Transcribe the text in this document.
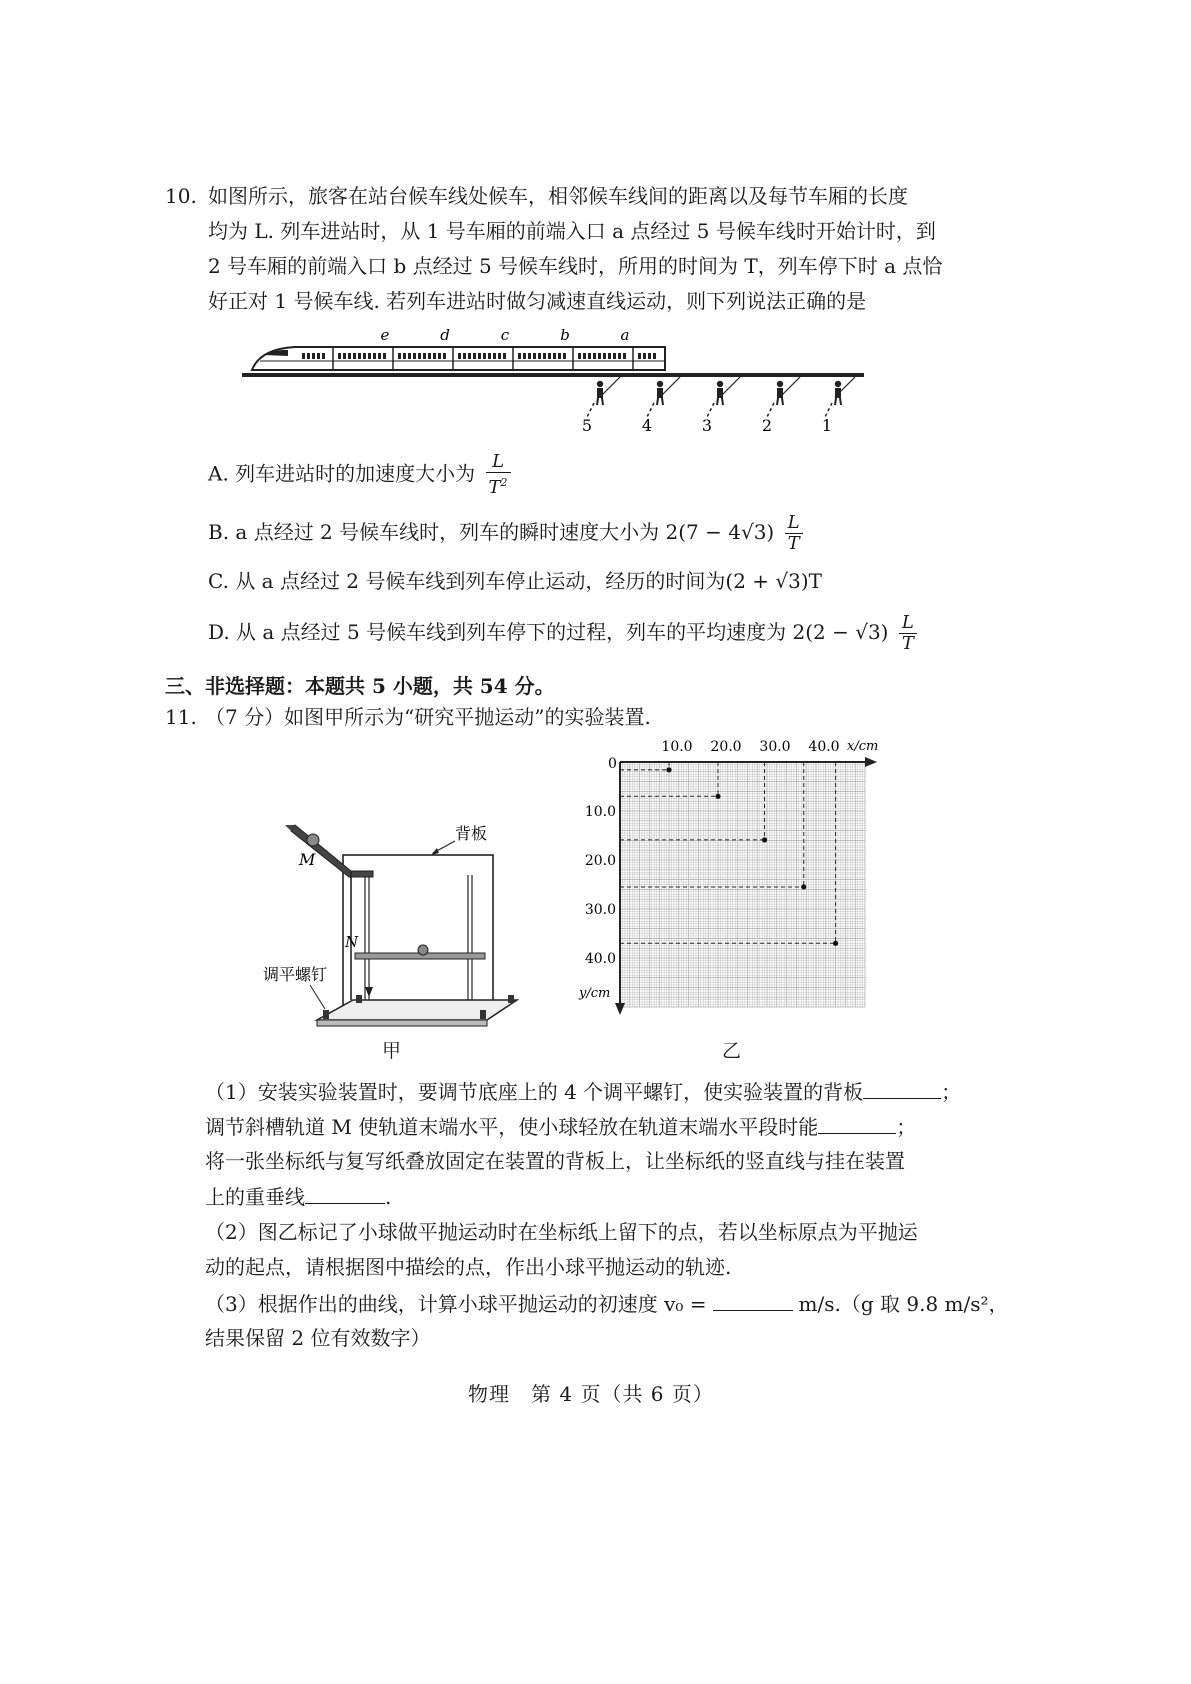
10. 如图所示，旅客在站台候车线处候车，相邻候车线间的距离以及每节车厢的长度
均为 L. 列车进站时，从 1 号车厢的前端入口 a 点经过 5 号候车线时开始计时，到
2 号车厢的前端入口 b 点经过 5 号候车线时，所用的时间为 T，列车停下时 a 点恰
好正对 1 号候车线. 若列车进站时做匀减速直线运动，则下列说法正确的是
e	d	c	b	a
5	4	3	2	1
A. 列车进站时的加速度大小为 $\frac{L}{T^2}$
B. a 点经过 2 号候车线时，列车的瞬时速度大小为 $2(7 - 4√3) \frac{L}{T}$
C. 从 a 点经过 2 号候车线到列车停止运动，经历的时间为(2 + √3)T
D. 从 a 点经过 5 号候车线到列车停下的过程，列车的平均速度为 $2(2 - √3) \frac{L}{T}$
三、非选择题：本题共 5 小题，共 54 分。
11. （7 分）如图甲所示为“研究平抛运动”的实验装置.
背板
M
N
调平螺钉
甲
0
x/cm
y/cm
10.0 20.0 30.0 40.0
10.0
20.0
30.0
40.0
乙
（1）安装实验装置时，要调节底座上的 4 个调平螺钉，使实验装置的背板	；
调节斜槽轨道 M 使轨道末端水平，使小球轻放在轨道末端水平段时能	；
将一张坐标纸与复写纸叠放固定在装置的背板上，让坐标纸的竖直线与挂在装置
上的重垂线	.
（2）图乙标记了小球做平抛运动时在坐标纸上留下的点，若以坐标原点为平抛运
动的起点，请根据图中描绘的点，作出小球平抛运动的轨迹.
（3）根据作出的曲线，计算小球平抛运动的初速度 v₀ =	m/s.（g 取 9.8 m/s²，
结果保留 2 位有效数字）
物理　第 4 页（共 6 页）
